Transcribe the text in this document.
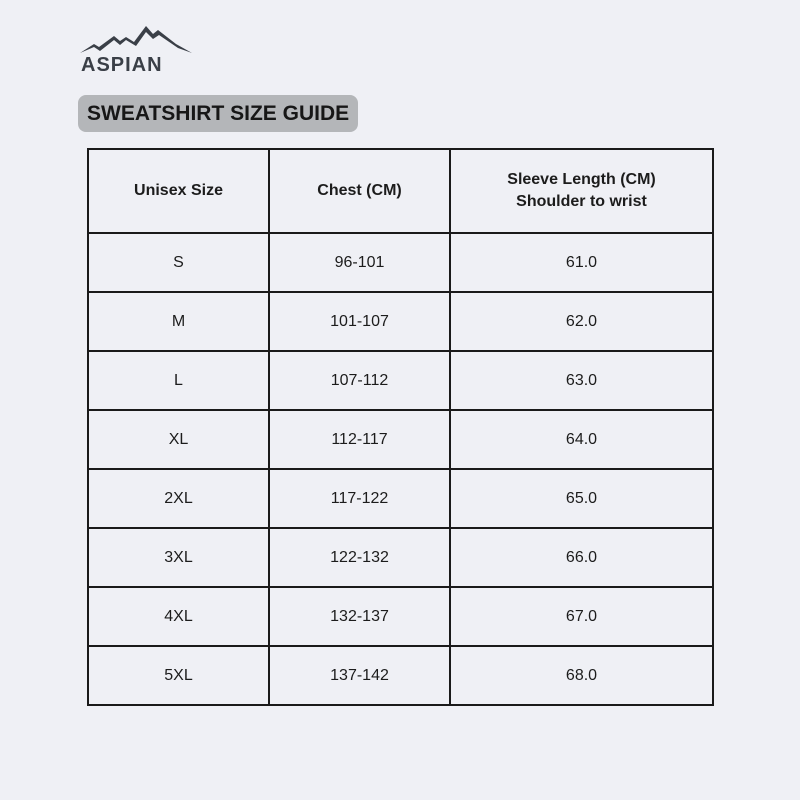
ASPIAN
SWEATSHIRT SIZE GUIDE
Unisex Size	Chest (CM)	Sleeve Length (CM)
Shoulder to wrist

S	96-101	61.0
M	101-107	62.0
L	107-112	63.0
XL	112-117	64.0
2XL	117-122	65.0
3XL	122-132	66.0
4XL	132-137	67.0
5XL	137-142	68.0
